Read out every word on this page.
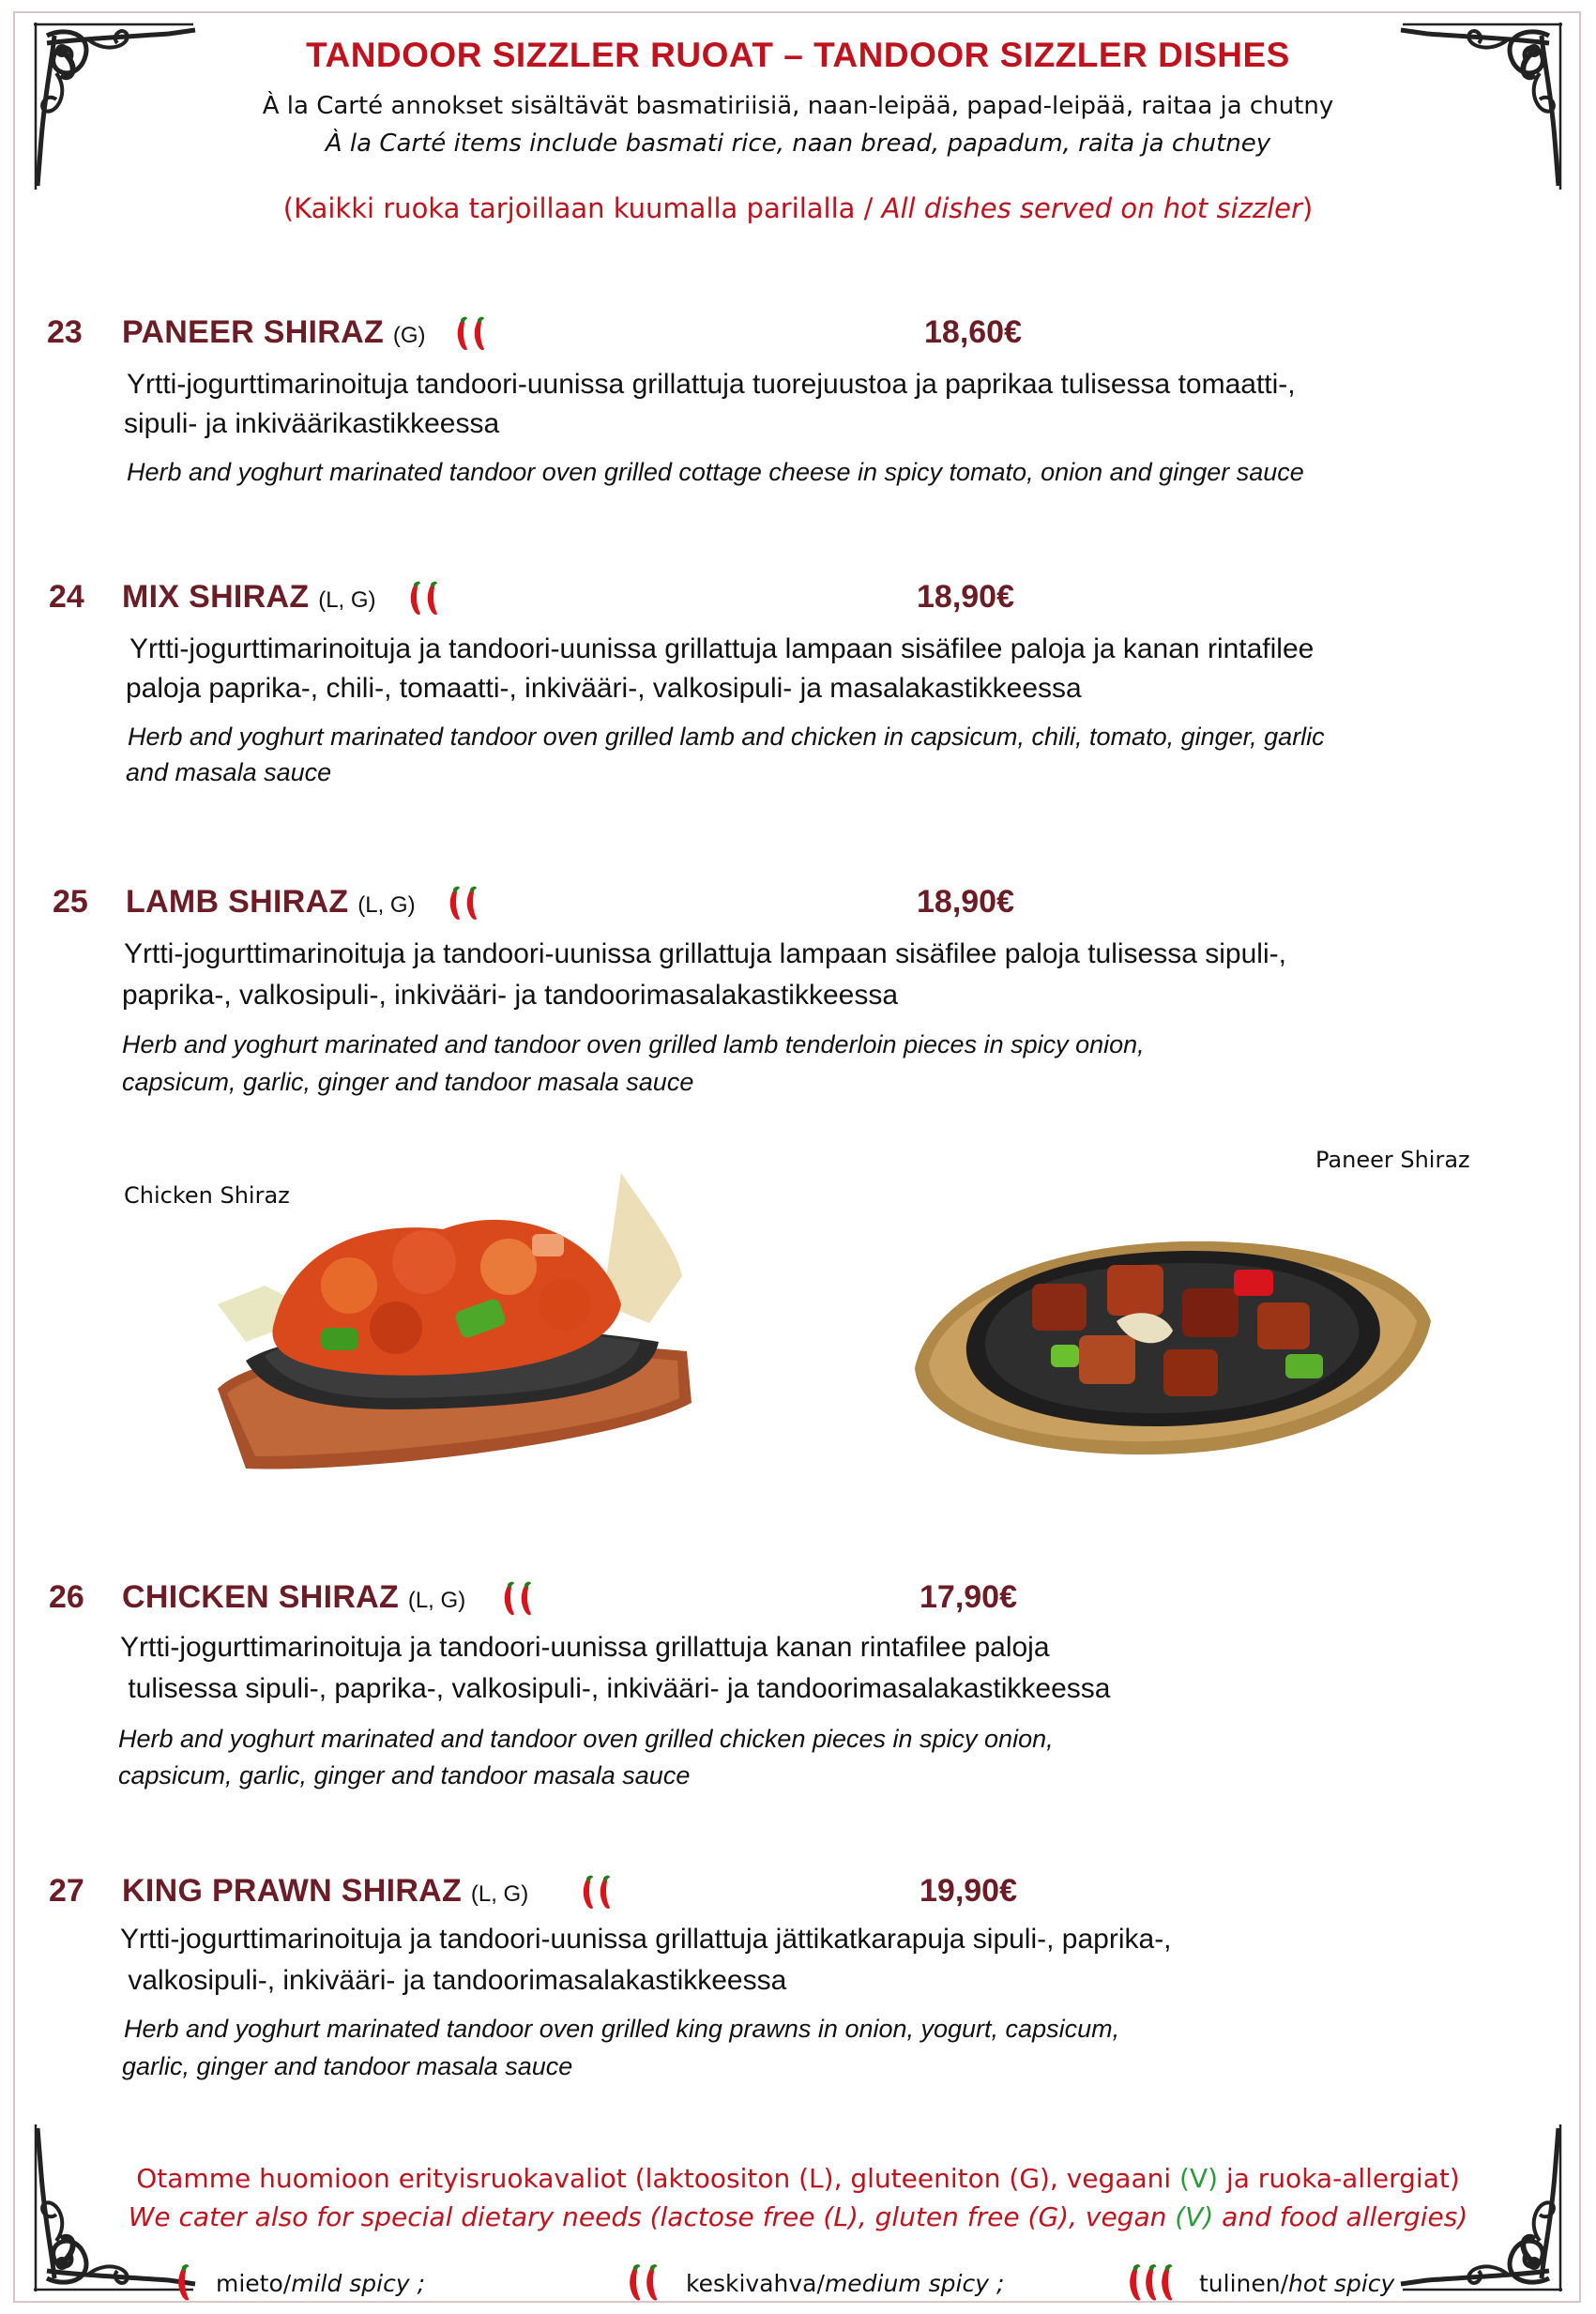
TANDOOR SIZZLER RUOAT – TANDOOR SIZZLER DISHES
À la Carté annokset sisältävät basmatiriisiä, naan-leipää, papad-leipää, raitaa ja chutny
À la Carté items include basmati rice, naan bread, papadum, raita ja chutney
(Kaikki ruoka tarjoillaan kuumalla parilalla / All dishes served on hot sizzler)
23 PANEER SHIRAZ (G)	18,60€
Yrtti-jogurttimarinoituja tandoori-uunissa grillattuja tuorejuustoa ja paprikaa tulisessa tomaatti-,
sipuli- ja inkiväärikastikkeessa
Herb and yoghurt marinated tandoor oven grilled cottage cheese in spicy tomato, onion and ginger sauce
24 MIX SHIRAZ (L, G)	18,90€
Yrtti-jogurttimarinoituja ja tandoori-uunissa grillattuja lampaan sisäfilee paloja ja kanan rintafilee
paloja paprika-, chili-, tomaatti-, inkivääri-, valkosipuli- ja masalakastikkeessa
Herb and yoghurt marinated tandoor oven grilled lamb and chicken in capsicum, chili, tomato, ginger, garlic
and masala sauce
25 LAMB SHIRAZ (L, G)	18,90€
Yrtti-jogurttimarinoituja ja tandoori-uunissa grillattuja lampaan sisäfilee paloja tulisessa sipuli-,
paprika-, valkosipuli-, inkivääri- ja tandoorimasalakastikkeessa
Herb and yoghurt marinated and tandoor oven grilled lamb tenderloin pieces in spicy onion,
capsicum, garlic, ginger and tandoor masala sauce
Chicken Shiraz
Paneer Shiraz
26 CHICKEN SHIRAZ (L, G)	17,90€
Yrtti-jogurttimarinoituja ja tandoori-uunissa grillattuja kanan rintafilee paloja
tulisessa sipuli-, paprika-, valkosipuli-, inkivääri- ja tandoorimasalakastikkeessa
Herb and yoghurt marinated and tandoor oven grilled chicken pieces in spicy onion,
capsicum, garlic, ginger and tandoor masala sauce
27 KING PRAWN SHIRAZ (L, G)	19,90€
Yrtti-jogurttimarinoituja ja tandoori-uunissa grillattuja jättikatkarapuja sipuli-, paprika-,
valkosipuli-, inkivääri- ja tandoorimasalakastikkeessa
Herb and yoghurt marinated tandoor oven grilled king prawns in onion, yogurt, capsicum,
garlic, ginger and tandoor masala sauce
Otamme huomioon erityisruokavaliot (laktoositon (L), gluteeniton (G), vegaani (V) ja ruoka-allergiat)
We cater also for special dietary needs (lactose free (L), gluten free (G), vegan (V) and food allergies)
mieto / mild spicy ;	keskivahva / medium spicy ;	tulinen / hot spicy
